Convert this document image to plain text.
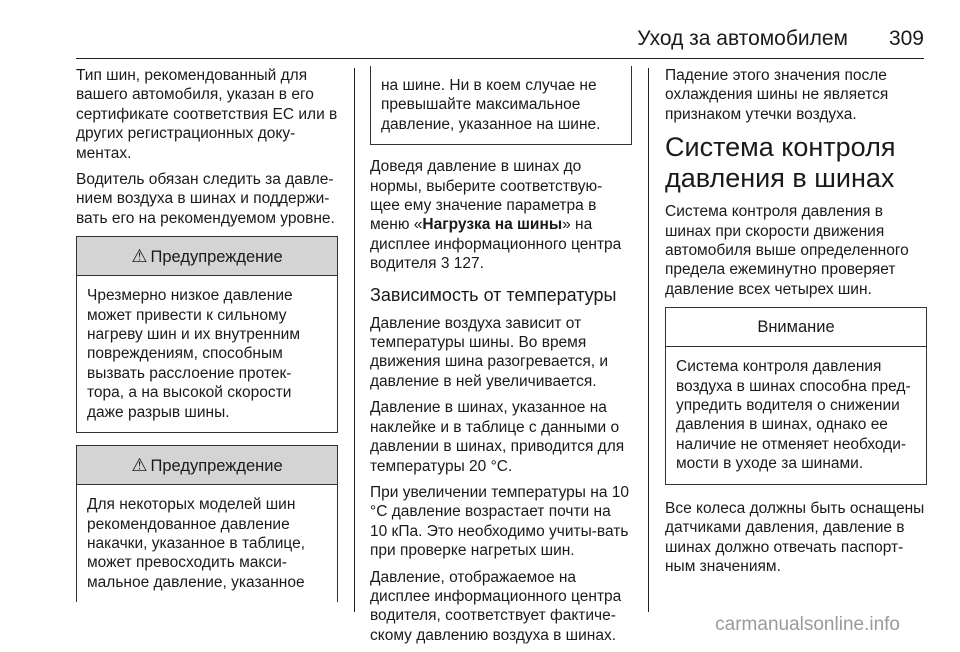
Уход за автомобилем 309

Тип шин, рекомендованный для вашего автомобиля, указан в его сертификате соответствия ЕС или в других регистрационных доку-ментах.

Водитель обязан следить за давле-нием воздуха в шинах и поддержи-вать его на рекомендуемом уровне.

⚠ Предупреждение
Чрезмерно низкое давление может привести к сильному нагреву шин и их внутренним повреждениям, способным вызвать расслоение протек-тора, а на высокой скорости даже разрыв шины.
⚠ Предупреждение
Для некоторых моделей шин рекомендованное давление накачки, указанное в таблице, может превосходить макси-мальное давление, указанное
на шине. Ни в коем случае не превышайте максимальное давление, указанное на шине.

Доведя давление в шинах до нормы, выберите соответствую-щее ему значение параметра в меню «Нагрузка на шины» на дисплее информационного центра водителя 3 127.

Зависимость от температуры

Давление воздуха зависит от температуры шины. Во время движения шина разогревается, и давление в ней увеличивается.

Давление в шинах, указанное на наклейке и в таблице с данными о давлении в шинах, приводится для температуры 20 °C.

При увеличении температуры на 10 °C давление возрастает почти на 10 кПа. Это необходимо учиты-вать при проверке нагретых шин.

Давление, отображаемое на дисплее информационного центра водителя, соответствует фактиче-скому давлению воздуха в шинах.

Падение этого значения после охлаждения шины не является признаком утечки воздуха.

Система контроля давления в шинах

Система контроля давления в шинах при скорости движения автомобиля выше определенного предела ежеминутно проверяет давление всех четырех шин.

Внимание
Система контроля давления воздуха в шинах способна пред-упредить водителя о снижении давления в шинах, однако ее наличие не отменяет необходи-мости в уходе за шинами.

Все колеса должны быть оснащены датчиками давления, давление в шинах должно отвечать паспорт-ным значениям.

carmanualsonline.info
